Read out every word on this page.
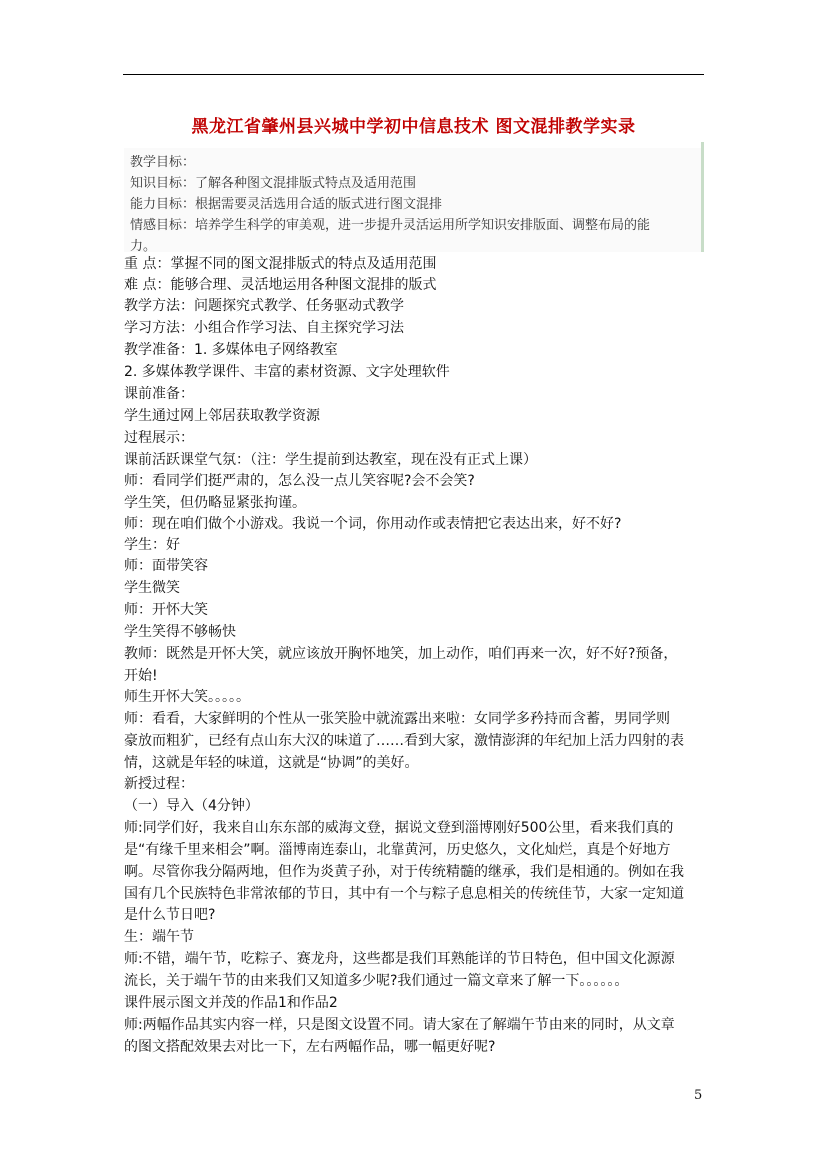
黑龙江省肇州县兴城中学初中信息技术 图文混排教学实录
教学目标：
知识目标：了解各种图文混排版式特点及适用范围
能力目标：根据需要灵活选用合适的版式进行图文混排
情感目标：培养学生科学的审美观，进一步提升灵活运用所学知识安排版面、调整布局的能
力。
重 点：掌握不同的图文混排版式的特点及适用范围
难 点：能够合理、灵活地运用各种图文混排的版式
教学方法：问题探究式教学、任务驱动式教学
学习方法：小组合作学习法、自主探究学习法
教学准备：1. 多媒体电子网络教室
2. 多媒体教学课件、丰富的素材资源、文字处理软件
课前准备：
学生通过网上邻居获取教学资源
过程展示：
课前活跃课堂气氛：（注：学生提前到达教室，现在没有正式上课）
师：看同学们挺严肃的，怎么没一点儿笑容呢?会不会笑?
学生笑，但仍略显紧张拘谨。
师：现在咱们做个小游戏。我说一个词，你用动作或表情把它表达出来，好不好?
学生：好
师：面带笑容
学生微笑
师：开怀大笑
学生笑得不够畅快
教师：既然是开怀大笑，就应该放开胸怀地笑，加上动作，咱们再来一次，好不好?预备，
开始!
师生开怀大笑。。。。。
师：看看，大家鲜明的个性从一张笑脸中就流露出来啦：女同学多矜持而含蓄，男同学则
豪放而粗犷，已经有点山东大汉的味道了……看到大家，激情澎湃的年纪加上活力四射的表
情，这就是年轻的味道，这就是“协调”的美好。
新授过程：
（一）导入（4分钟）
师:同学们好，我来自山东东部的威海文登，据说文登到淄博刚好500公里，看来我们真的
是“有缘千里来相会”啊。淄博南连泰山，北靠黄河，历史悠久，文化灿烂，真是个好地方
啊。尽管你我分隔两地，但作为炎黄子孙，对于传统精髓的继承，我们是相通的。例如在我
国有几个民族特色非常浓郁的节日，其中有一个与粽子息息相关的传统佳节，大家一定知道
是什么节日吧?
生：端午节
师:不错，端午节，吃粽子、赛龙舟，这些都是我们耳熟能详的节日特色，但中国文化源源
流长，关于端午节的由来我们又知道多少呢?我们通过一篇文章来了解一下。。。。。。
课件展示图文并茂的作品1和作品2
师:两幅作品其实内容一样，只是图文设置不同。请大家在了解端午节由来的同时，从文章
的图文搭配效果去对比一下，左右两幅作品，哪一幅更好呢?
5
